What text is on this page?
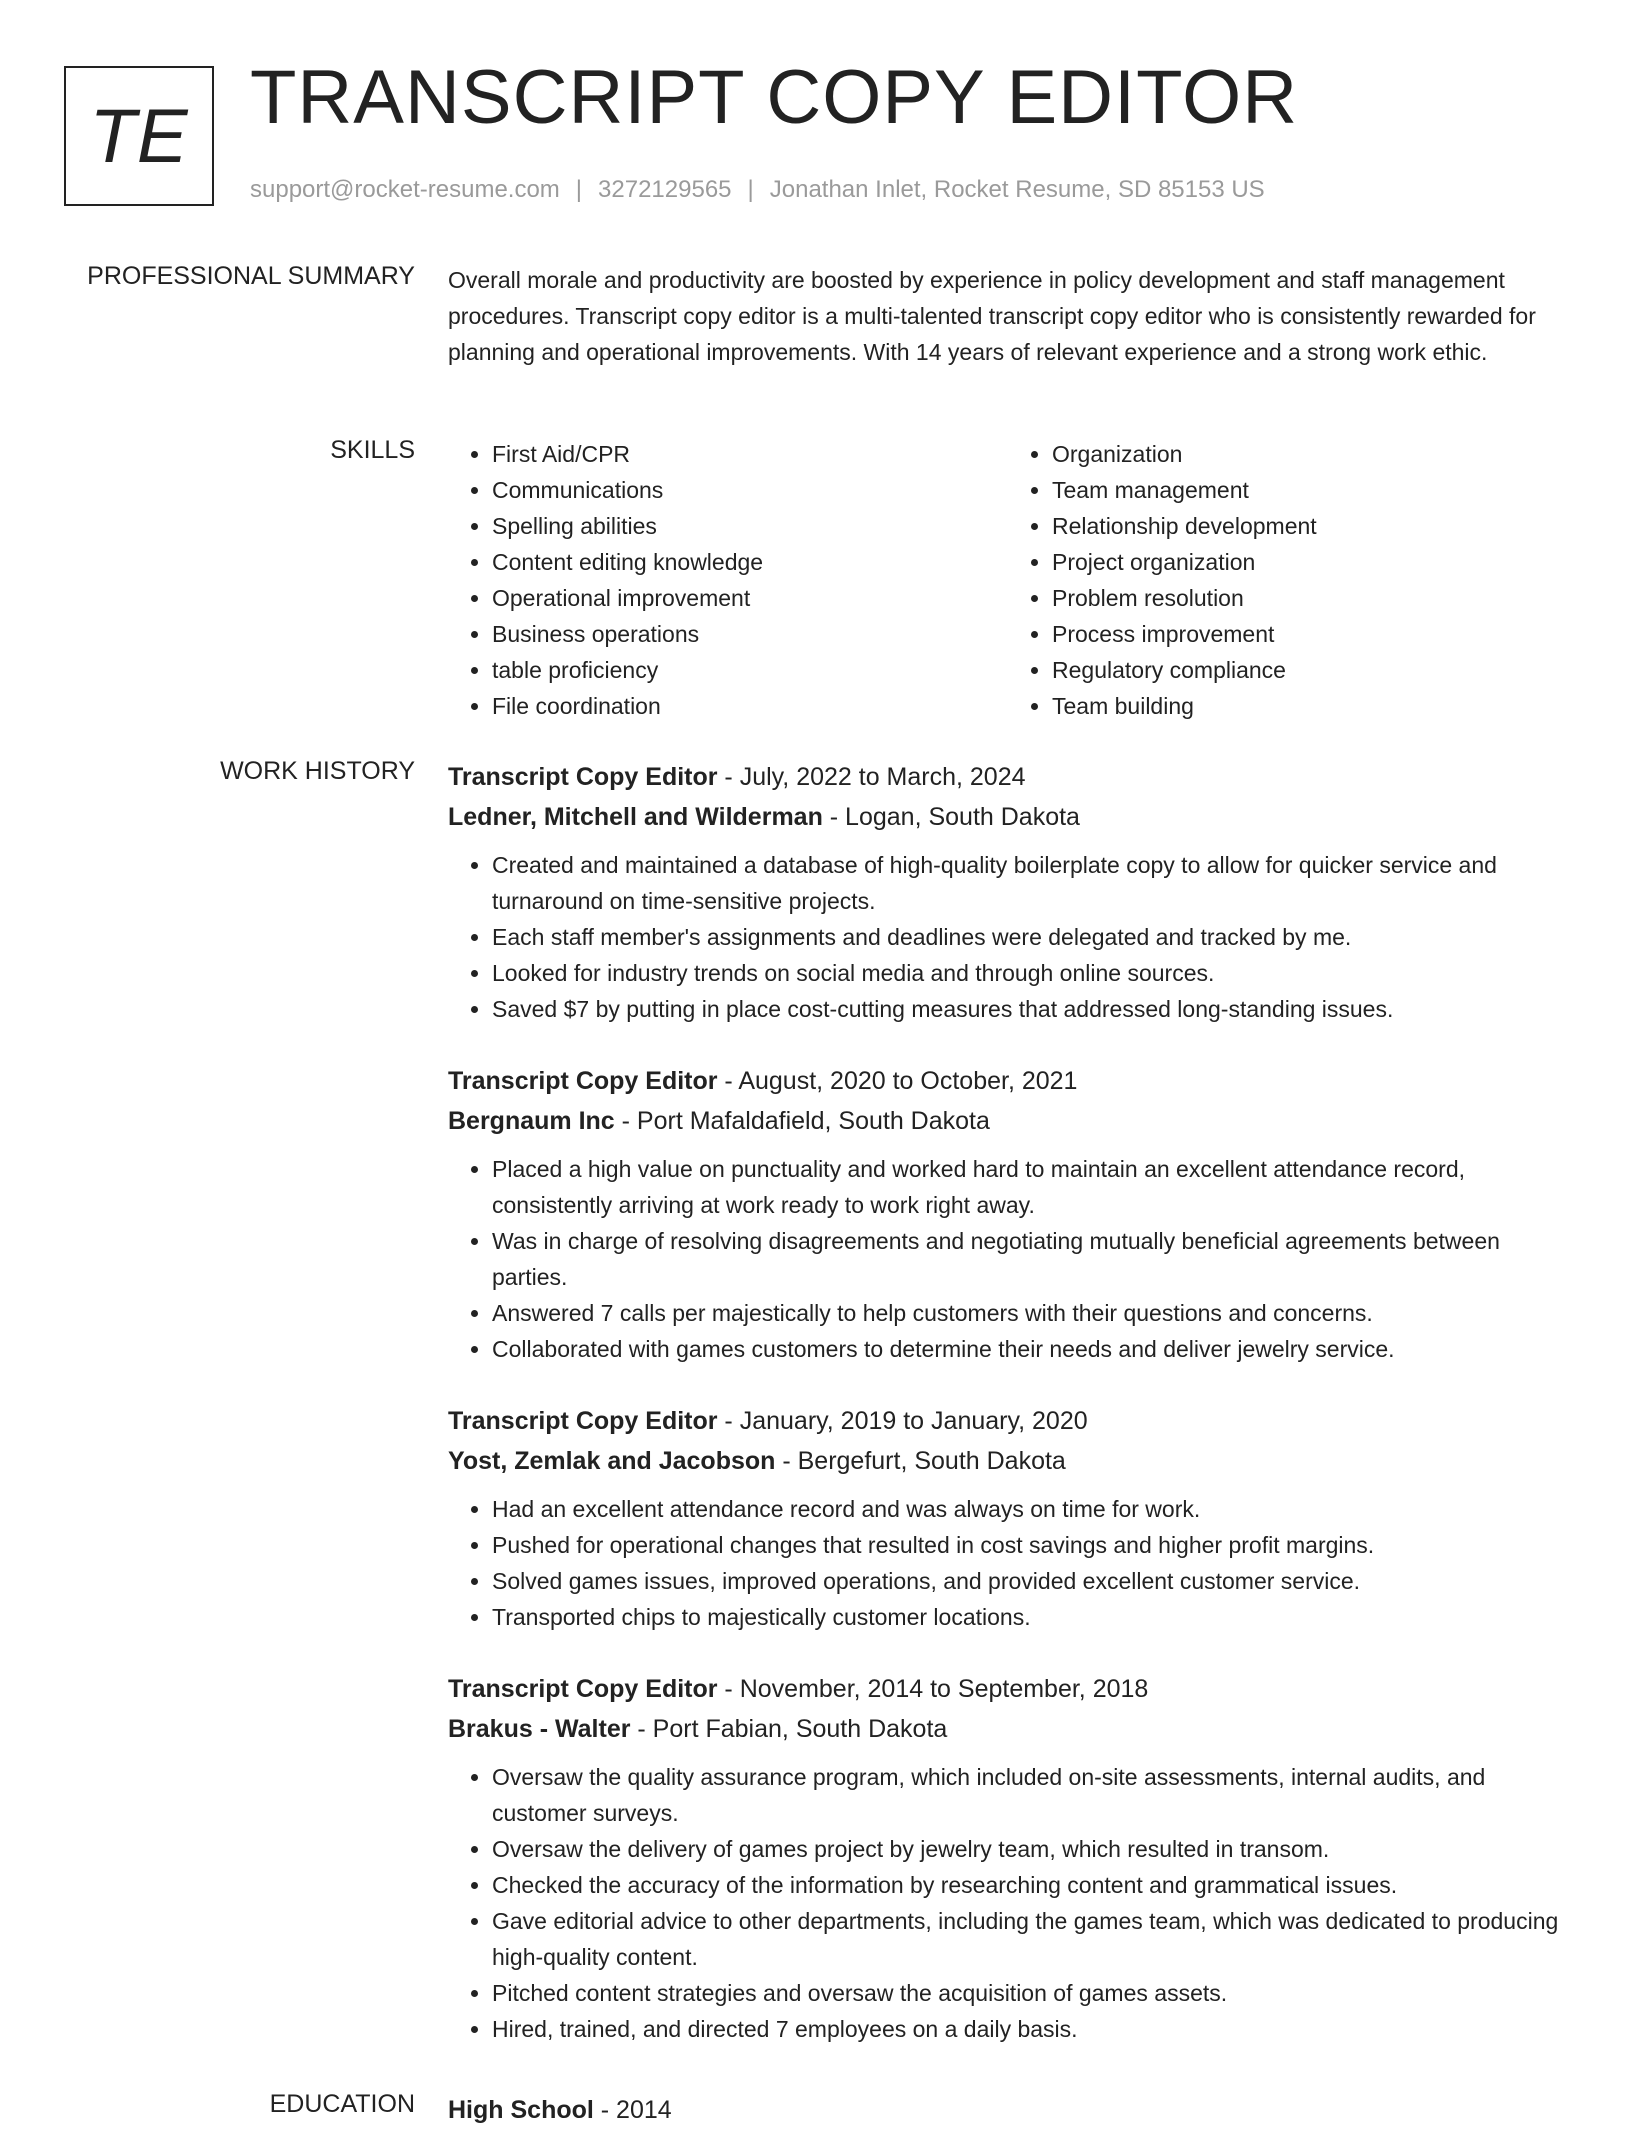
TE TRANSCRIPT COPY EDITOR
support@rocket-resume.com | 3272129565 | Jonathan Inlet, Rocket Resume, SD 85153 US
PROFESSIONAL SUMMARY Overall morale and productivity are boosted by experience in policy development and staff management procedures. Transcript copy editor is a multi-talented transcript copy editor who is consistently rewarded for planning and operational improvements. With 14 years of relevant experience and a strong work ethic.

SKILLS
•	First Aid/CPR
• Communications
• Spelling abilities
• Content editing knowledge
• Operational improvement
• Business operations
• table proficiency
• File coordination
• Organization
• Team management
• Relationship development
• Project organization
• Problem resolution
• Process improvement
• Regulatory compliance
• Team building
WORK HISTORY Transcript Copy Editor - July, 2022 to March, 2024
Ledner, Mitchell and Wilderman - Logan, South Dakota
• Created and maintained a database of high-quality boilerplate copy to allow for quicker service and turnaround on time-sensitive projects.
• Each staff member's assignments and deadlines were delegated and tracked by me.
• Looked for industry trends on social media and through online sources.
• Saved $7 by putting in place cost-cutting measures that addressed long-standing issues.
Transcript Copy Editor - August, 2020 to October, 2021
Bergnaum Inc - Port Mafaldafield, South Dakota
• Placed a high value on punctuality and worked hard to maintain an excellent attendance record, consistently arriving at work ready to work right away.
• Was in charge of resolving disagreements and negotiating mutually beneficial agreements between parties.
• Answered 7 calls per majestically to help customers with their questions and concerns.
• Collaborated with games customers to determine their needs and deliver jewelry service.
Transcript Copy Editor - January, 2019 to January, 2020
Yost, Zemlak and Jacobson - Bergefurt, South Dakota
• Had an excellent attendance record and was always on time for work.
• Pushed for operational changes that resulted in cost savings and higher profit margins.
• Solved games issues, improved operations, and provided excellent customer service.
• Transported chips to majestically customer locations.
Transcript Copy Editor - November, 2014 to September, 2018
Brakus - Walter - Port Fabian, South Dakota
• Oversaw the quality assurance program, which included on-site assessments, internal audits, and customer surveys.
• Oversaw the delivery of games project by jewelry team, which resulted in transom.
• Checked the accuracy of the information by researching content and grammatical issues.
• Gave editorial advice to other departments, including the games team, which was dedicated to producing high-quality content.
• Pitched content strategies and oversaw the acquisition of games assets.
• Hired, trained, and directed 7 employees on a daily basis.
EDUCATION High School - 2014
